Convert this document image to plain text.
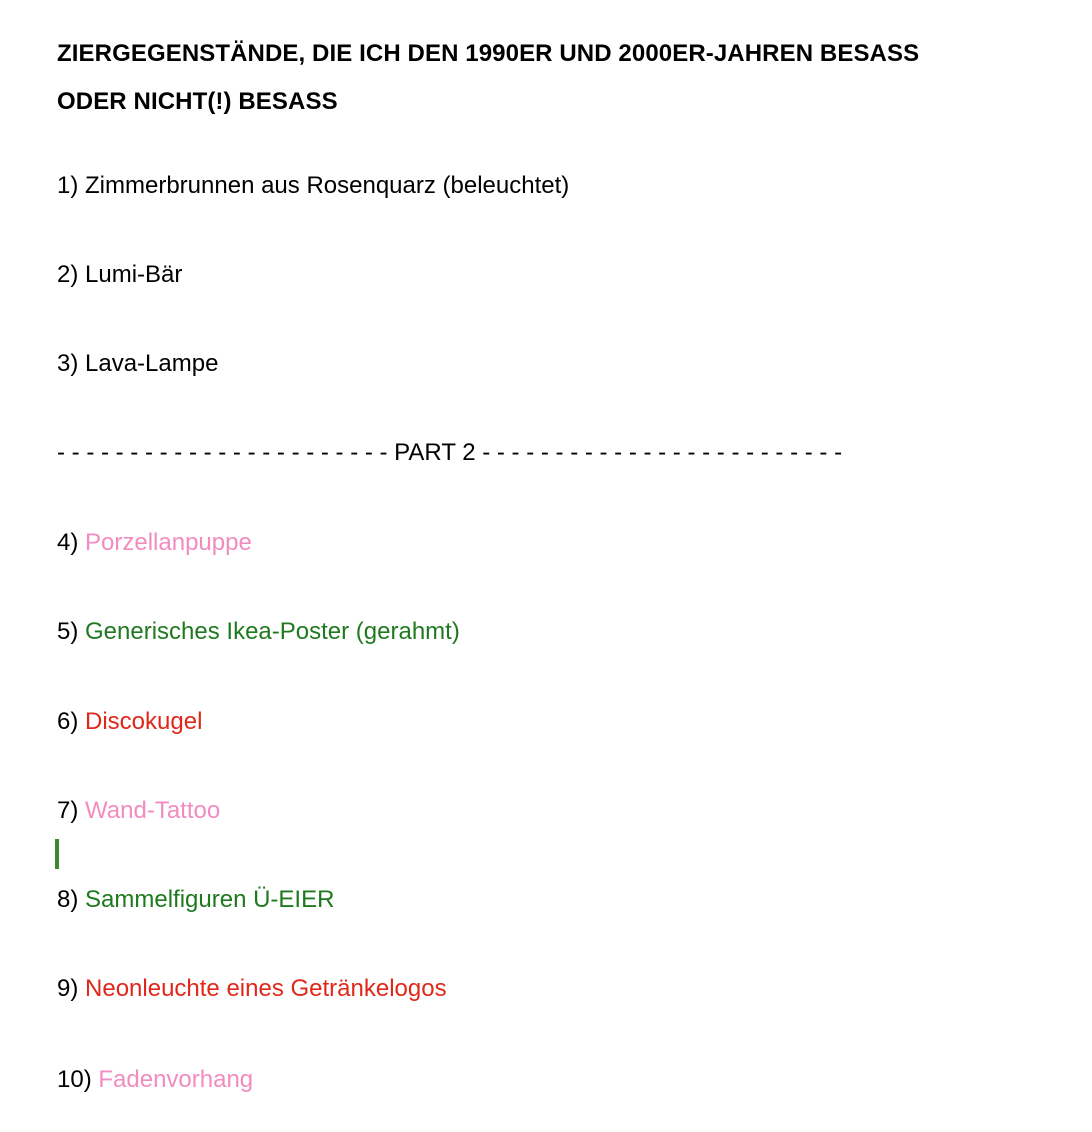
ZIERGEGENSTÄNDE, DIE ICH DEN 1990ER UND 2000ER-JAHREN BESASS
ODER NICHT(!) BESASS

1) Zimmerbrunnen aus Rosenquarz (beleuchtet)

2) Lumi-Bär

3) Lava-Lampe

- - - - - - - - - - - - - - - - - - - - - - - PART 2 - - - - - - - - - - - - - - - - - - - - - - - - -

4) Porzellanpuppe

5) Generisches Ikea-Poster (gerahmt)

6) Discokugel

7) Wand-Tattoo

8) Sammelfiguren Ü-EIER

9) Neonleuchte eines Getränkelogos

10) Fadenvorhang
